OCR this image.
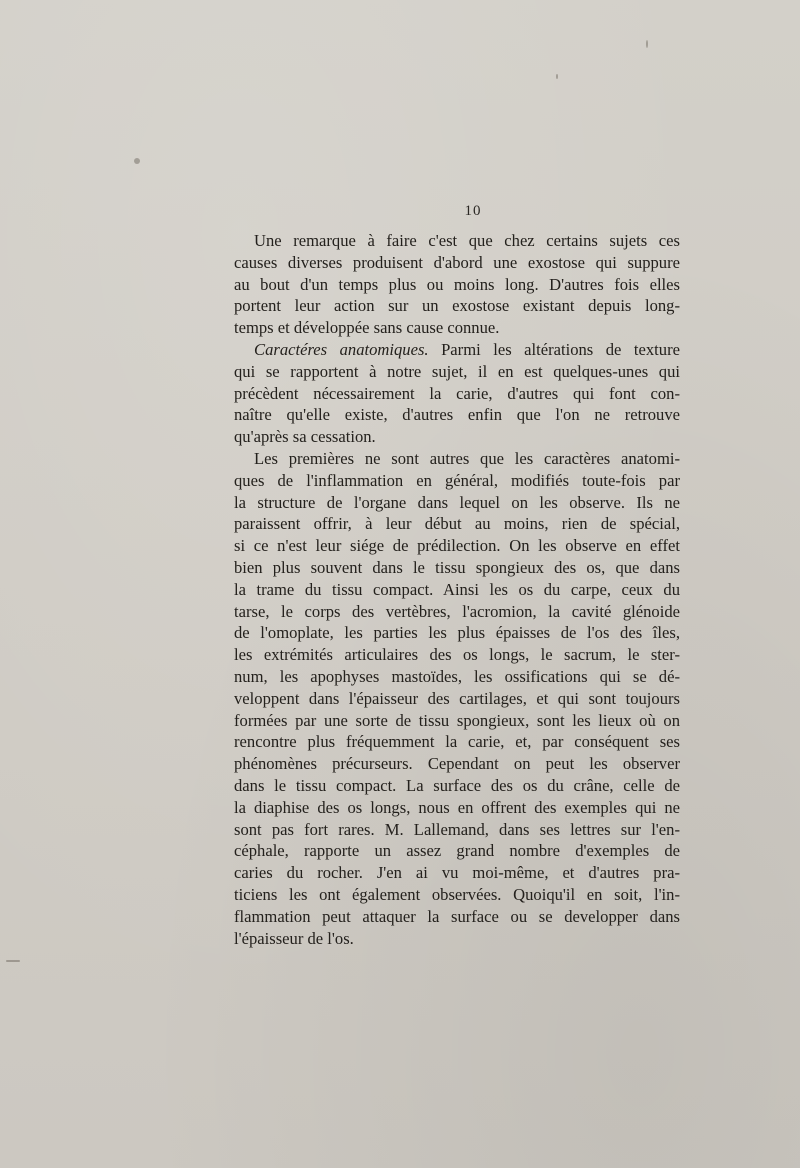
10
Une remarque à faire c'est que chez certains sujets ces
causes diverses produisent d'abord une exostose qui suppure
au bout d'un temps plus ou moins long. D'autres fois elles
portent leur action sur un exostose existant depuis long-
temps et développée sans cause connue.
Caractéres anatomiques. Parmi les altérations de texture
qui se rapportent à notre sujet, il en est quelques-unes qui
précèdent nécessairement la carie, d'autres qui font con-
naître qu'elle existe, d'autres enfin que l'on ne retrouve
qu'après sa cessation.
Les premières ne sont autres que les caractères anatomi-
ques de l'inflammation en général, modifiés toute-fois par
la structure de l'organe dans lequel on les observe. Ils ne
paraissent offrir, à leur début au moins, rien de spécial,
si ce n'est leur siége de prédilection. On les observe en effet
bien plus souvent dans le tissu spongieux des os, que dans
la trame du tissu compact. Ainsi les os du carpe, ceux du
tarse, le corps des vertèbres, l'acromion, la cavité glénoide
de l'omoplate, les parties les plus épaisses de l'os des îles,
les extrémités articulaires des os longs, le sacrum, le ster-
num, les apophyses mastoïdes, les ossifications qui se dé-
veloppent dans l'épaisseur des cartilages, et qui sont toujours
formées par une sorte de tissu spongieux, sont les lieux où on
rencontre plus fréquemment la carie, et, par conséquent ses
phénomènes précurseurs. Cependant on peut les observer
dans le tissu compact. La surface des os du crâne, celle de
la diaphise des os longs, nous en offrent des exemples qui ne
sont pas fort rares. M. Lallemand, dans ses lettres sur l'en-
céphale, rapporte un assez grand nombre d'exemples de
caries du rocher. J'en ai vu moi-même, et d'autres pra-
ticiens les ont également observées. Quoiqu'il en soit, l'in-
flammation peut attaquer la surface ou se developper dans
l'épaisseur de l'os.
